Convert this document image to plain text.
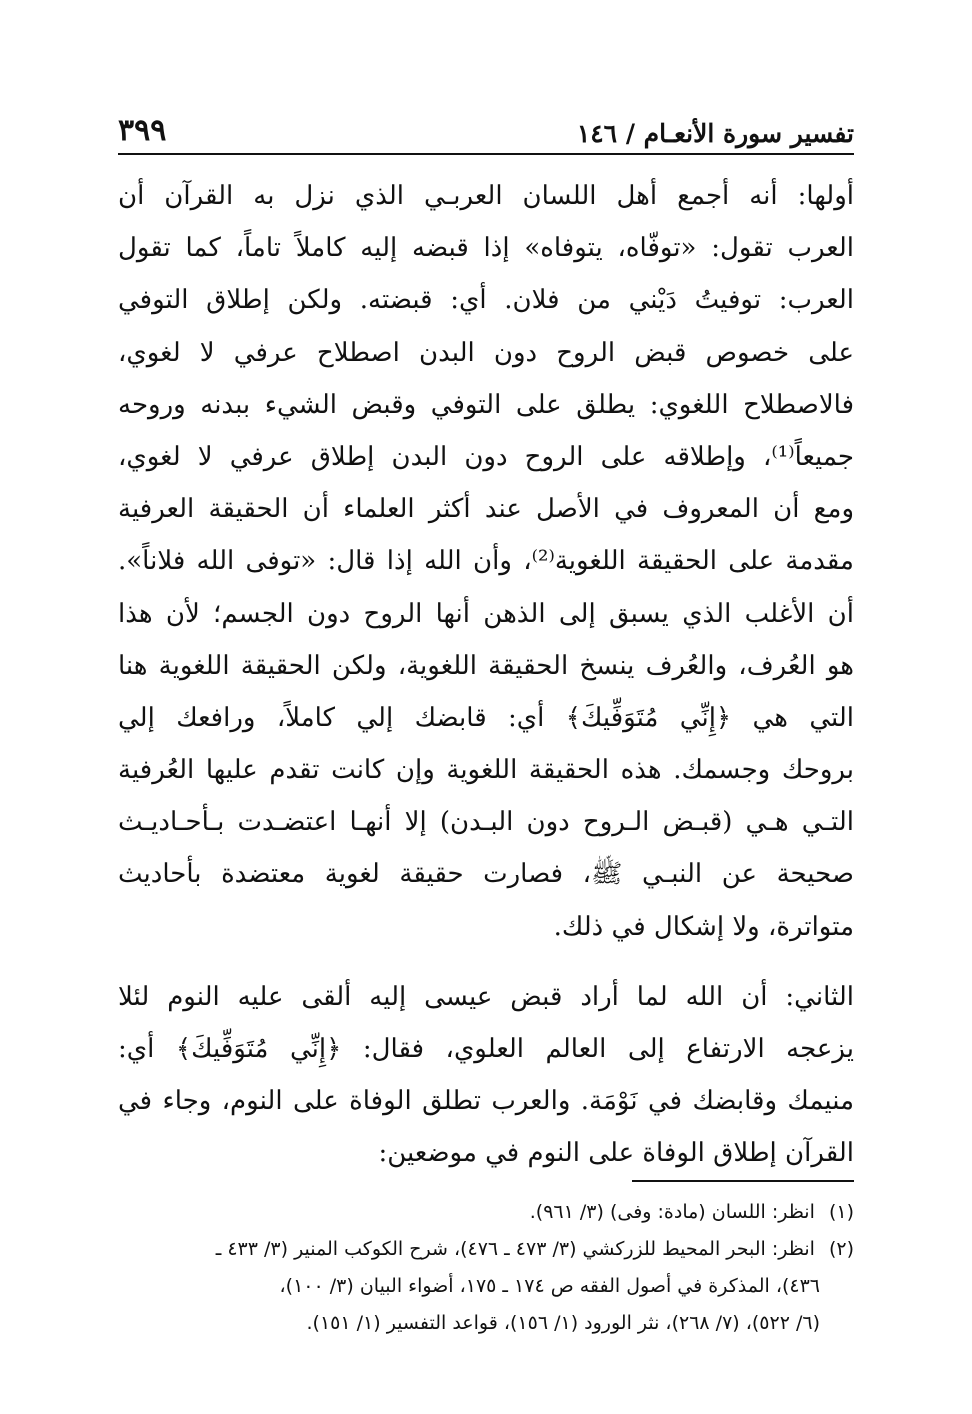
تفسير سورة الأنعـام / ١٤٦
٣٩٩
أولها: أنه أجمع أهل اللسان العربـي الذي نزل به القرآن أن
العرب تقول: «توفّاه، يتوفاه» إذا قبضه إليه كاملاً تاماً، كما تقول
العرب: توفيتُ دَيْني من فلان. أي: قبضته. ولكن إطلاق التوفي
على خصوص قبض الروح دون البدن اصطلاح عرفي لا لغوي،
فالاصطلاح اللغوي: يطلق على التوفي وقبض الشيء ببدنه وروحه
جميعاً⁽¹⁾، وإطلاقه على الروح دون البدن إطلاق عرفي لا لغوي،
ومع أن المعروف في الأصل عند أكثر العلماء أن الحقيقة العرفية
مقدمة على الحقيقة اللغوية⁽²⁾، وأن الله إذا قال: «توفى الله فلاناً».
أن الأغلب الذي يسبق إلى الذهن أنها الروح دون الجسم؛ لأن هذا
هو العُرف، والعُرف ينسخ الحقيقة اللغوية، ولكن الحقيقة اللغوية هنا
التي هي ﴿إِنِّي مُتَوَفِّيكَ﴾ أي: قابضك إلي كاملاً، ورافعك إلي
بروحك وجسمك. هذه الحقيقة اللغوية وإن كانت تقدم عليها العُرفية
التـي هـي (قبـض الـروح دون البـدن) إلا أنهـا اعتضـدت بـأحـاديـث
صحيحة عن النبـي ﷺ، فصارت حقيقة لغوية معتضدة بأحاديث
متواترة، ولا إشكال في ذلك.
الثاني: أن الله لما أراد قبض عيسى إليه ألقى عليه النوم لئلا
يزعجه الارتفاع إلى العالم العلوي، فقال: ﴿إِنِّي مُتَوَفِّيكَ﴾ أي:
منيمك وقابضك في نَوْمَة. والعرب تطلق الوفاة على النوم، وجاء في
القرآن إطلاق الوفاة على النوم في موضعين:
(١) انظر: اللسان (مادة: وفى) (٣/ ٩٦١).
(٢) انظر: البحر المحيط للزركشي (٣/ ٤٧٣ ـ ٤٧٦)، شرح الكوكب المنير (٣/ ٤٣٣ ـ
٤٣٦)، المذكرة في أصول الفقه ص ١٧٤ ـ ١٧٥، أضواء البيان (٣/ ١٠٠)،
(٦/ ٥٢٢)، (٧/ ٢٦٨)، نثر الورود (١/ ١٥٦)، قواعد التفسير (١/ ١٥١).
